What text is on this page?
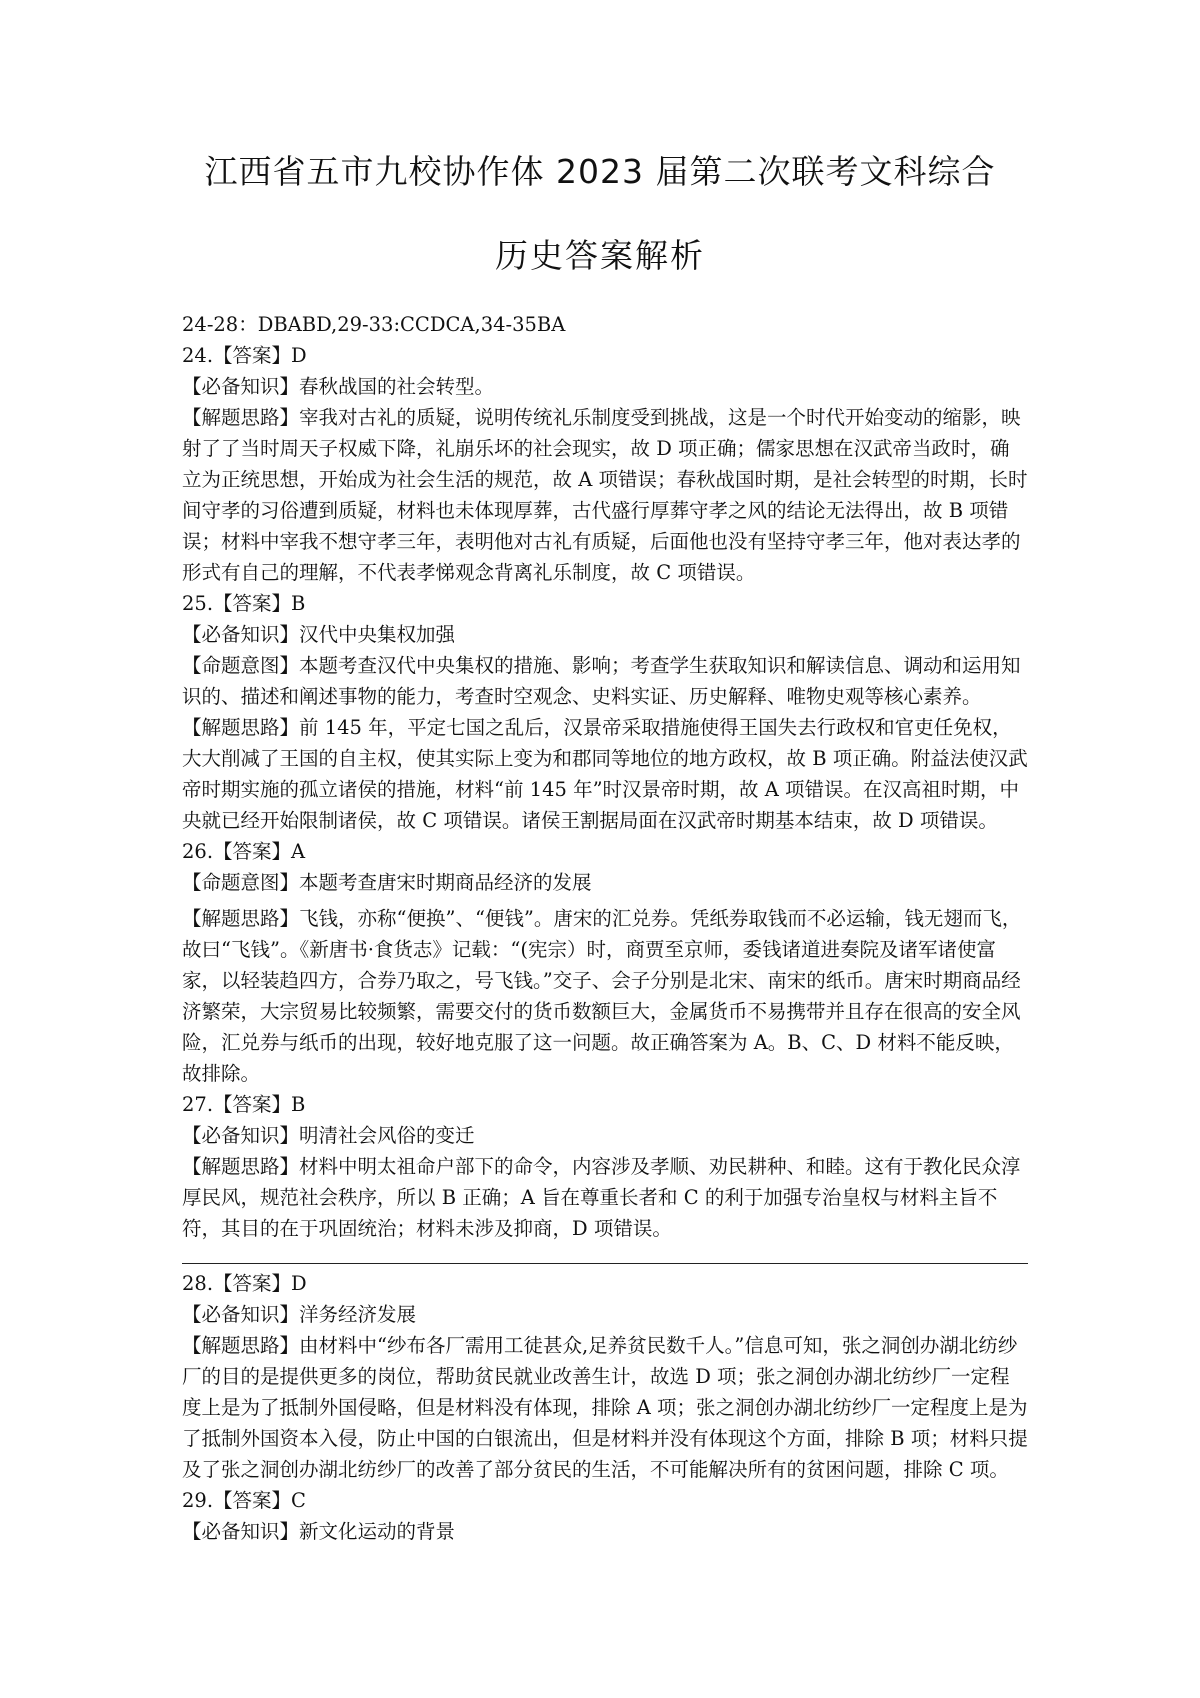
江西省五市九校协作体 2023 届第二次联考文科综合
历史答案解析

24-28：DBABD,29-33:CCDCA,34-35BA

24.【答案】D

【必备知识】春秋战国的社会转型。

【解题思路】宰我对古礼的质疑，说明传统礼乐制度受到挑战，这是一个时代开始变动的缩影，映射了了当时周天子权威下降，礼崩乐坏的社会现实，故 D 项正确；儒家思想在汉武帝当政时，确立为正统思想，开始成为社会生活的规范，故 A 项错误；春秋战国时期，是社会转型的时期，长时间守孝的习俗遭到质疑，材料也未体现厚葬，古代盛行厚葬守孝之风的结论无法得出，故 B 项错误；材料中宰我不想守孝三年，表明他对古礼有质疑，后面他也没有坚持守孝三年，他对表达孝的形式有自己的理解，不代表孝悌观念背离礼乐制度，故 C 项错误。

25.【答案】B

【必备知识】汉代中央集权加强

【命题意图】本题考查汉代中央集权的措施、影响；考查学生获取知识和解读信息、调动和运用知识的、描述和阐述事物的能力，考查时空观念、史料实证、历史解释、唯物史观等核心素养。

【解题思路】前 145 年，平定七国之乱后，汉景帝采取措施使得王国失去行政权和官吏任免权，大大削减了王国的自主权，使其实际上变为和郡同等地位的地方政权，故 B 项正确。附益法使汉武帝时期实施的孤立诸侯的措施，材料“前 145 年”时汉景帝时期，故 A 项错误。在汉高祖时期，中央就已经开始限制诸侯，故 C 项错误。诸侯王割据局面在汉武帝时期基本结束，故 D 项错误。

26.【答案】A

【命题意图】本题考查唐宋时期商品经济的发展

【解题思路】飞钱，亦称“便换”、“便钱”。唐宋的汇兑券。凭纸券取钱而不必运输，钱无翅而飞，故曰“飞钱”。《新唐书·食货志》记载：“(宪宗）时，商贾至京师，委钱诸道进奏院及诸军诸使富家，以轻装趋四方，合券乃取之，号飞钱。”交子、会子分别是北宋、南宋的纸币。唐宋时期商品经济繁荣，大宗贸易比较频繁，需要交付的货币数额巨大，金属货币不易携带并且存在很高的安全风险，汇兑券与纸币的出现，较好地克服了这一问题。故正确答案为 A。B、C、D 材料不能反映，故排除。

27.【答案】B

【必备知识】明清社会风俗的变迁

【解题思路】材料中明太祖命户部下的命令，内容涉及孝顺、劝民耕种、和睦。这有于教化民众淳厚民风，规范社会秩序，所以 B 正确；A 旨在尊重长者和 C 的利于加强专治皇权与材料主旨不符，其目的在于巩固统治；材料未涉及抑商，D 项错误。

28.【答案】D

【必备知识】洋务经济发展

【解题思路】由材料中“纱布各厂需用工徒甚众,足养贫民数千人。”信息可知，张之洞创办湖北纺纱厂的目的是提供更多的岗位，帮助贫民就业改善生计，故选 D 项；张之洞创办湖北纺纱厂一定程度上是为了抵制外国侵略，但是材料没有体现，排除 A 项；张之洞创办湖北纺纱厂一定程度上是为了抵制外国资本入侵，防止中国的白银流出，但是材料并没有体现这个方面，排除 B 项；材料只提及了张之洞创办湖北纺纱厂的改善了部分贫民的生活，不可能解决所有的贫困问题，排除 C 项。

29.【答案】C

【必备知识】新文化运动的背景
